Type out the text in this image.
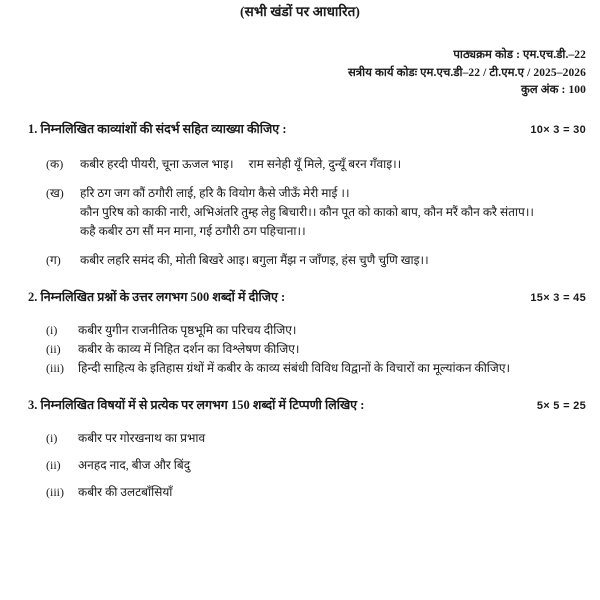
(सभी खंडों पर आधारित)
पाठ्यक्रम कोड : एम.एच.डी.–22
सत्रीय कार्य कोडः एम.एच.डी–22 / टी.एम.ए / 2025–2026
कुल अंक : 100
1. निम्नलिखित काव्यांशों की संदर्भ सहित व्याख्या कीजिए :	10× 3 = 30
(क)	कबीर हरदी पीयरी, चूना ऊजल भाइ। राम सनेही यूँ मिले, दुन्यूँ बरन गँवाइ।।
(ख)	हरि ठग जग कौं ठगौरी लाई, हरि कै वियोग कैसे जीऊँ मेरी माई ।। कौन पुरिष को काकी नारी, अभिअंतरि तुम्ह लेहु बिचारी।। कौन पूत को काको बाप, कौन मरैं कौन करै संताप।। कहै कबीर ठग सौं मन माना, गई ठगौरी ठग पहिचाना।।
(ग)	कबीर लहरि समंद की, मोती बिखरे आइ। बगुला मैंझ न जाँणइ, हंस चुणै चुणि खाइ।।
2. निम्नलिखित प्रश्नों के उत्तर लगभग 500 शब्दों में दीजिए :	15× 3 = 45
(i)	कबीर युगीन राजनीतिक पृष्ठभूमि का परिचय दीजिए।
(ii)	कबीर के काव्य में निहित दर्शन का विश्लेषण कीजिए।
(iii)	हिन्दी साहित्य के इतिहास ग्रंथों में कबीर के काव्य संबंधी विविध विद्वानों के विचारों का मूल्यांकन कीजिए।
3. निम्नलिखित विषयों में से प्रत्येक पर लगभग 150 शब्दों में टिप्पणी लिखिए :	5× 5 = 25
(i)	कबीर पर गोरखनाथ का प्रभाव
(ii)	अनहद नाद, बीज और बिंदु
(iii)	कबीर की उलटबाँसियाँ
